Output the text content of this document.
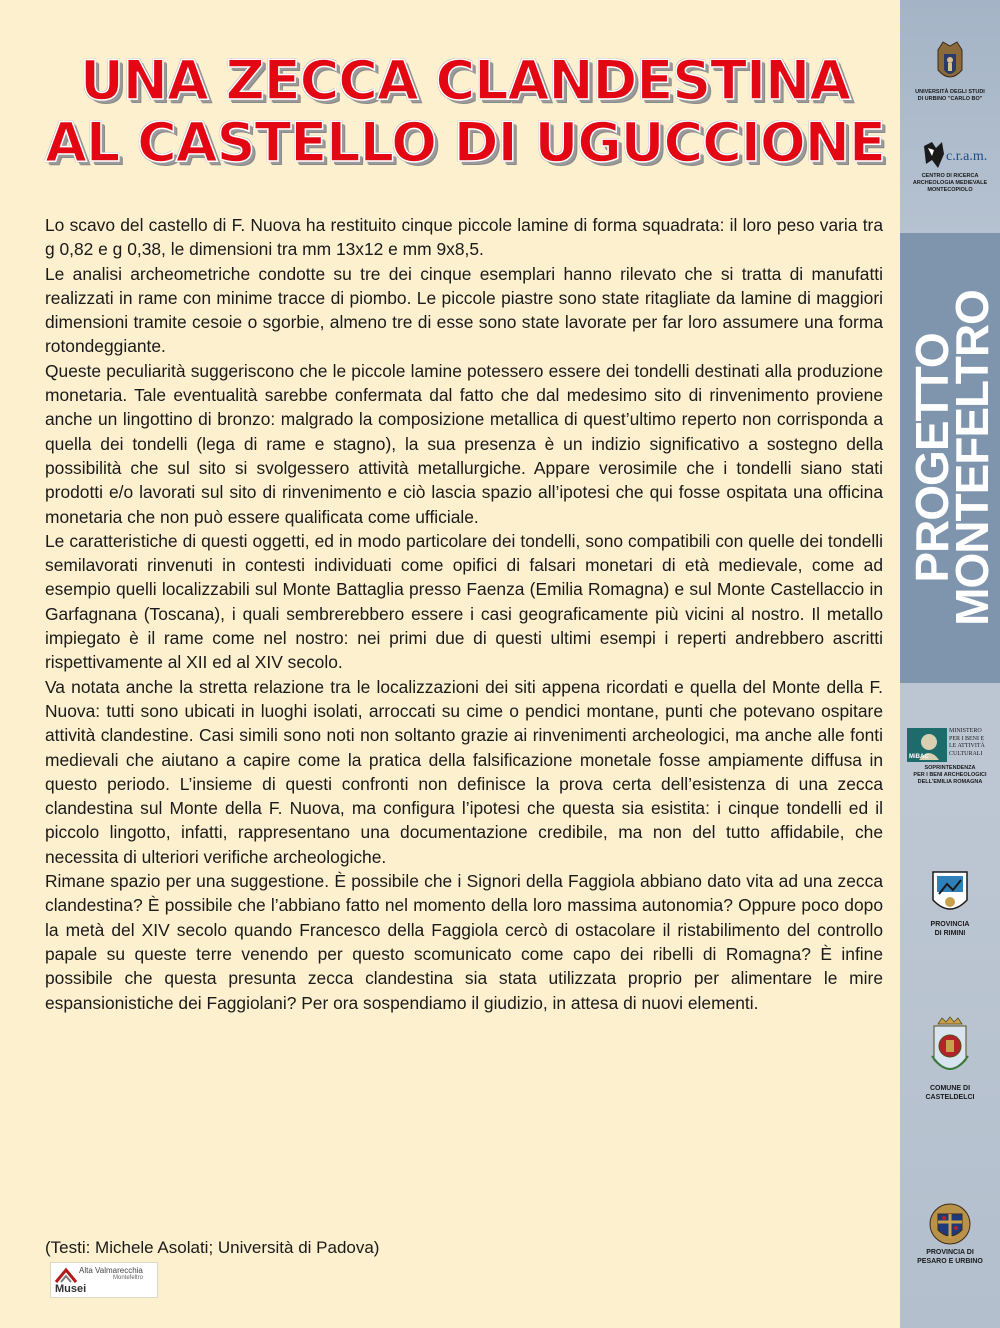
UNA ZECCA CLANDESTINA
AL CASTELLO DI UGUCCIONE

Lo scavo del castello di F. Nuova ha restituito cinque piccole lamine di forma squadrata: il loro peso varia tra g 0,82 e g 0,38, le dimensioni tra mm 13x12 e mm 9x8,5.

Le analisi archeometriche condotte su tre dei cinque esemplari hanno rilevato che si tratta di manufatti realizzati in rame con minime tracce di piombo. Le piccole piastre sono state ritagliate da lamine di maggiori dimensioni tramite cesoie o sgorbie, almeno tre di esse sono state lavorate per far loro assumere una forma rotondeggiante.

Queste peculiarità suggeriscono che le piccole lamine potessero essere dei tondelli destinati alla produzione monetaria. Tale eventualità sarebbe confermata dal fatto che dal medesimo sito di rinvenimento proviene anche un lingottino di bronzo: malgrado la composizione metallica di quest’ultimo reperto non corrisponda a quella dei tondelli (lega di rame e stagno), la sua presenza è un indizio significativo a sostegno della possibilità che sul sito si svolgessero attività metallurgiche. Appare verosimile che i tondelli siano stati prodotti e/o lavorati sul sito di rinvenimento e ciò lascia spazio all’ipotesi che qui fosse ospitata una officina monetaria che non può essere qualificata come ufficiale.

Le caratteristiche di questi oggetti, ed in modo particolare dei tondelli, sono compatibili con quelle dei tondelli semilavorati rinvenuti in contesti individuati come opifici di falsari monetari di età medievale, come ad esempio quelli localizzabili sul Monte Battaglia presso Faenza (Emilia Romagna) e sul Monte Castellaccio in Garfagnana (Toscana), i quali sembrerebbero essere i casi geograficamente più vicini al nostro. Il metallo impiegato è il rame come nel nostro: nei primi due di questi ultimi esempi i reperti andrebbero ascritti rispettivamente al XII ed al XIV secolo.

Va notata anche la stretta relazione tra le localizzazioni dei siti appena ricordati e quella del Monte della F. Nuova: tutti sono ubicati in luoghi isolati, arroccati su cime o pendici montane, punti che potevano ospitare attività clandestine. Casi simili sono noti non soltanto grazie ai rinvenimenti archeologici, ma anche alle fonti medievali che aiutano a capire come la pratica della falsificazione monetale fosse ampiamente diffusa in questo periodo. L’insieme di questi confronti non definisce la prova certa dell’esistenza di una zecca clandestina sul Monte della F. Nuova, ma configura l’ipotesi che questa sia esistita: i cinque tondelli ed il piccolo lingotto, infatti, rappresentano una documentazione credibile, ma non del tutto affidabile, che necessita di ulteriori verifiche archeologiche.

Rimane spazio per una suggestione. È possibile che i Signori della Faggiola abbiano dato vita ad una zecca clandestina? È possibile che l’abbiano fatto nel momento della loro massima autonomia? Oppure poco dopo la metà del XIV secolo quando Francesco della Faggiola cercò di ostacolare il ristabilimento del controllo papale su queste terre venendo per questo scomunicato come capo dei ribelli di Romagna? È infine possibile che questa presunta zecca clandestina sia stata utilizzata proprio per alimentare le mire espansionistiche dei Faggiolani? Per ora sospendiamo il giudizio, in attesa di nuovi elementi.

(Testi: Michele Asolati; Università di Padova)
Alta Valmarecchia
Montefeltro
Musei
PROGETTO
MONTEFELTRO
UNIVERSITÀ DEGLI STUDI
DI URBINO "CARLO BO"
c.r.a.m.
CENTRO DI RICERCA
ARCHEOLOGIA MEDIEVALE
MONTECOPIOLO
MiBAC
MINISTERO
PER I BENI E
LE ATTIVITÀ
CULTURALI
SOPRINTENDENZA
PER I BENI ARCHEOLOGICI
DELL'EMILIA ROMAGNA
PROVINCIA
DI RIMINI
COMUNE DI
CASTELDELCI
PROVINCIA DI
PESARO E URBINO
